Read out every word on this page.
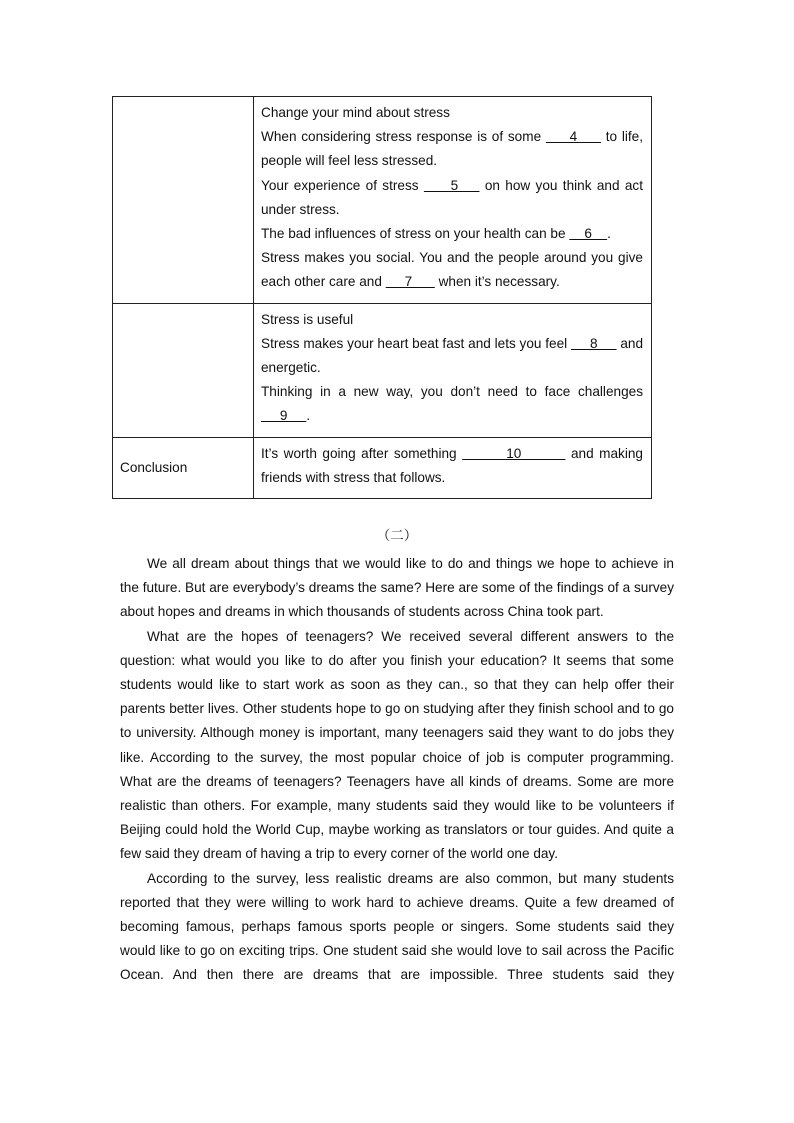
	Change your mind about stress
When considering stress response is of some      4      to life, people will feel less stressed.
Your experience of stress      5     on how you think and act under stress.
The bad influences of stress on your health can be     6    .
Stress makes you social. You and the people around you give each other care and      7       when it’s necessary.

	Stress is useful
Stress makes your heart beat fast and lets you feel      8      and energetic.
Thinking in a new way, you don’t need to face challenges      9     .

Conclusion	It’s worth going after something         10         and making friends with stress that follows.
（二）

We all dream about things that we would like to do and things we hope to achieve in the future. But are everybody’s dreams the same? Here are some of the findings of a survey about hopes and dreams in which thousands of students across China took part.

What are the hopes of teenagers? We received several different answers to the question: what would you like to do after you finish your education? It seems that some students would like to start work as soon as they can., so that they can help offer their parents better lives. Other students hope to go on studying after they finish school and to go to university. Although money is important, many teenagers said they want to do jobs they like. According to the survey, the most popular choice of job is computer programming. What are the dreams of teenagers? Teenagers have all kinds of dreams. Some are more realistic than others. For example, many students said they would like to be volunteers if Beijing could hold the World Cup, maybe working as translators or tour guides. And quite a few said they dream of having a trip to every corner of the world one day.

According to the survey, less realistic dreams are also common, but many students reported that they were willing to work hard to achieve dreams. Quite a few dreamed of becoming famous, perhaps famous sports people or singers. Some students said they would like to go on exciting trips. One student said she would love to sail across the Pacific Ocean. And then there are dreams that are impossible. Three students said they
